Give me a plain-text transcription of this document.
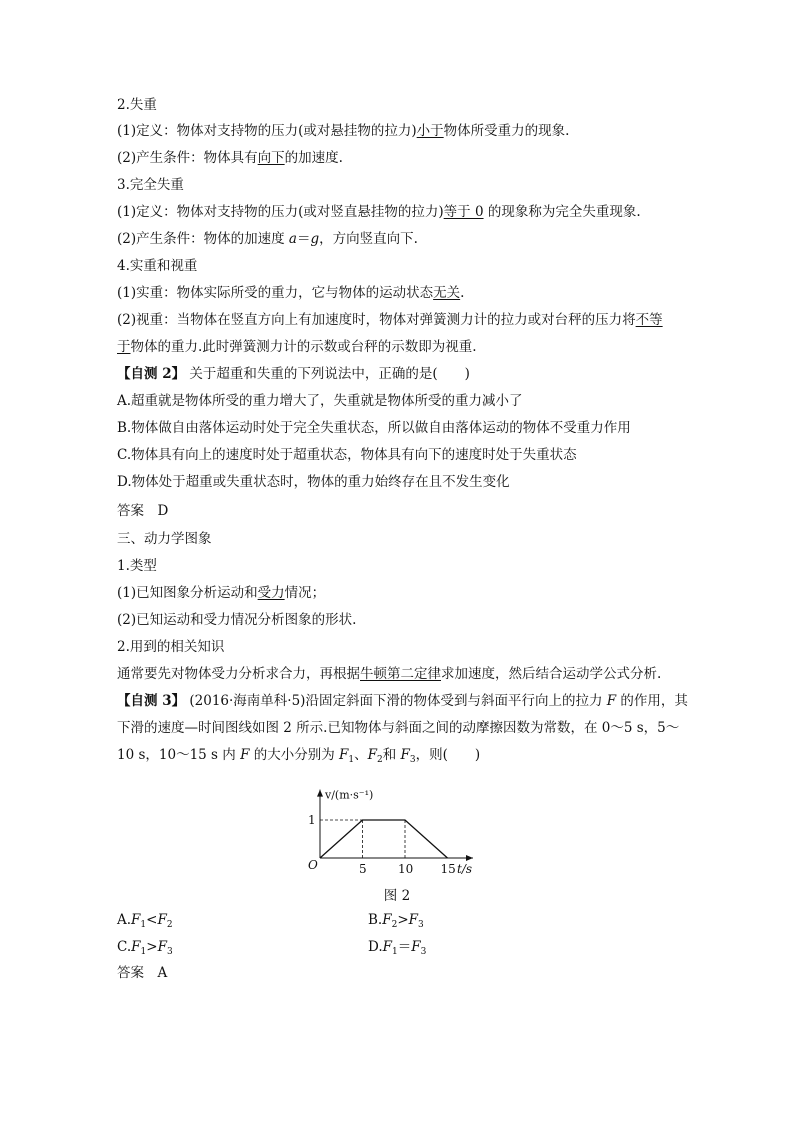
2.失重
(1)定义：物体对支持物的压力(或对悬挂物的拉力)小于物体所受重力的现象.
(2)产生条件：物体具有向下的加速度.
3.完全失重
(1)定义：物体对支持物的压力(或对竖直悬挂物的拉力)等于 0 的现象称为完全失重现象.
(2)产生条件：物体的加速度 a＝g，方向竖直向下.
4.实重和视重
(1)实重：物体实际所受的重力，它与物体的运动状态无关.
(2)视重：当物体在竖直方向上有加速度时，物体对弹簧测力计的拉力或对台秤的压力将不等
于物体的重力.此时弹簧测力计的示数或台秤的示数即为视重.
【自测 2】 关于超重和失重的下列说法中，正确的是(　　)
A.超重就是物体所受的重力增大了，失重就是物体所受的重力减小了
B.物体做自由落体运动时处于完全失重状态，所以做自由落体运动的物体不受重力作用
C.物体具有向上的速度时处于超重状态，物体具有向下的速度时处于失重状态
D.物体处于超重或失重状态时，物体的重力始终存在且不发生变化
答案　D
三、动力学图象
1.类型
(1)已知图象分析运动和受力情况；
(2)已知运动和受力情况分析图象的形状.
2.用到的相关知识
通常要先对物体受力分析求合力，再根据牛顿第二定律求加速度，然后结合运动学公式分析.
【自测 3】 (2016·海南单科·5)沿固定斜面下滑的物体受到与斜面平行向上的拉力 F 的作用，其
下滑的速度—时间图线如图 2 所示.已知物体与斜面之间的动摩擦因数为常数，在 0～5 s，5～
10 s，10～15 s 内 F 的大小分别为 $F_1$、$F_2$和 $F_3$，则(　　)
v/(m·s⁻¹)
t/s
O	5	10 15
1
图 2
$A.F_1<F_2$	$B.F_2>F_3$
$C.F_1>F_3$	$D.F_1=F_3$
答案　A
